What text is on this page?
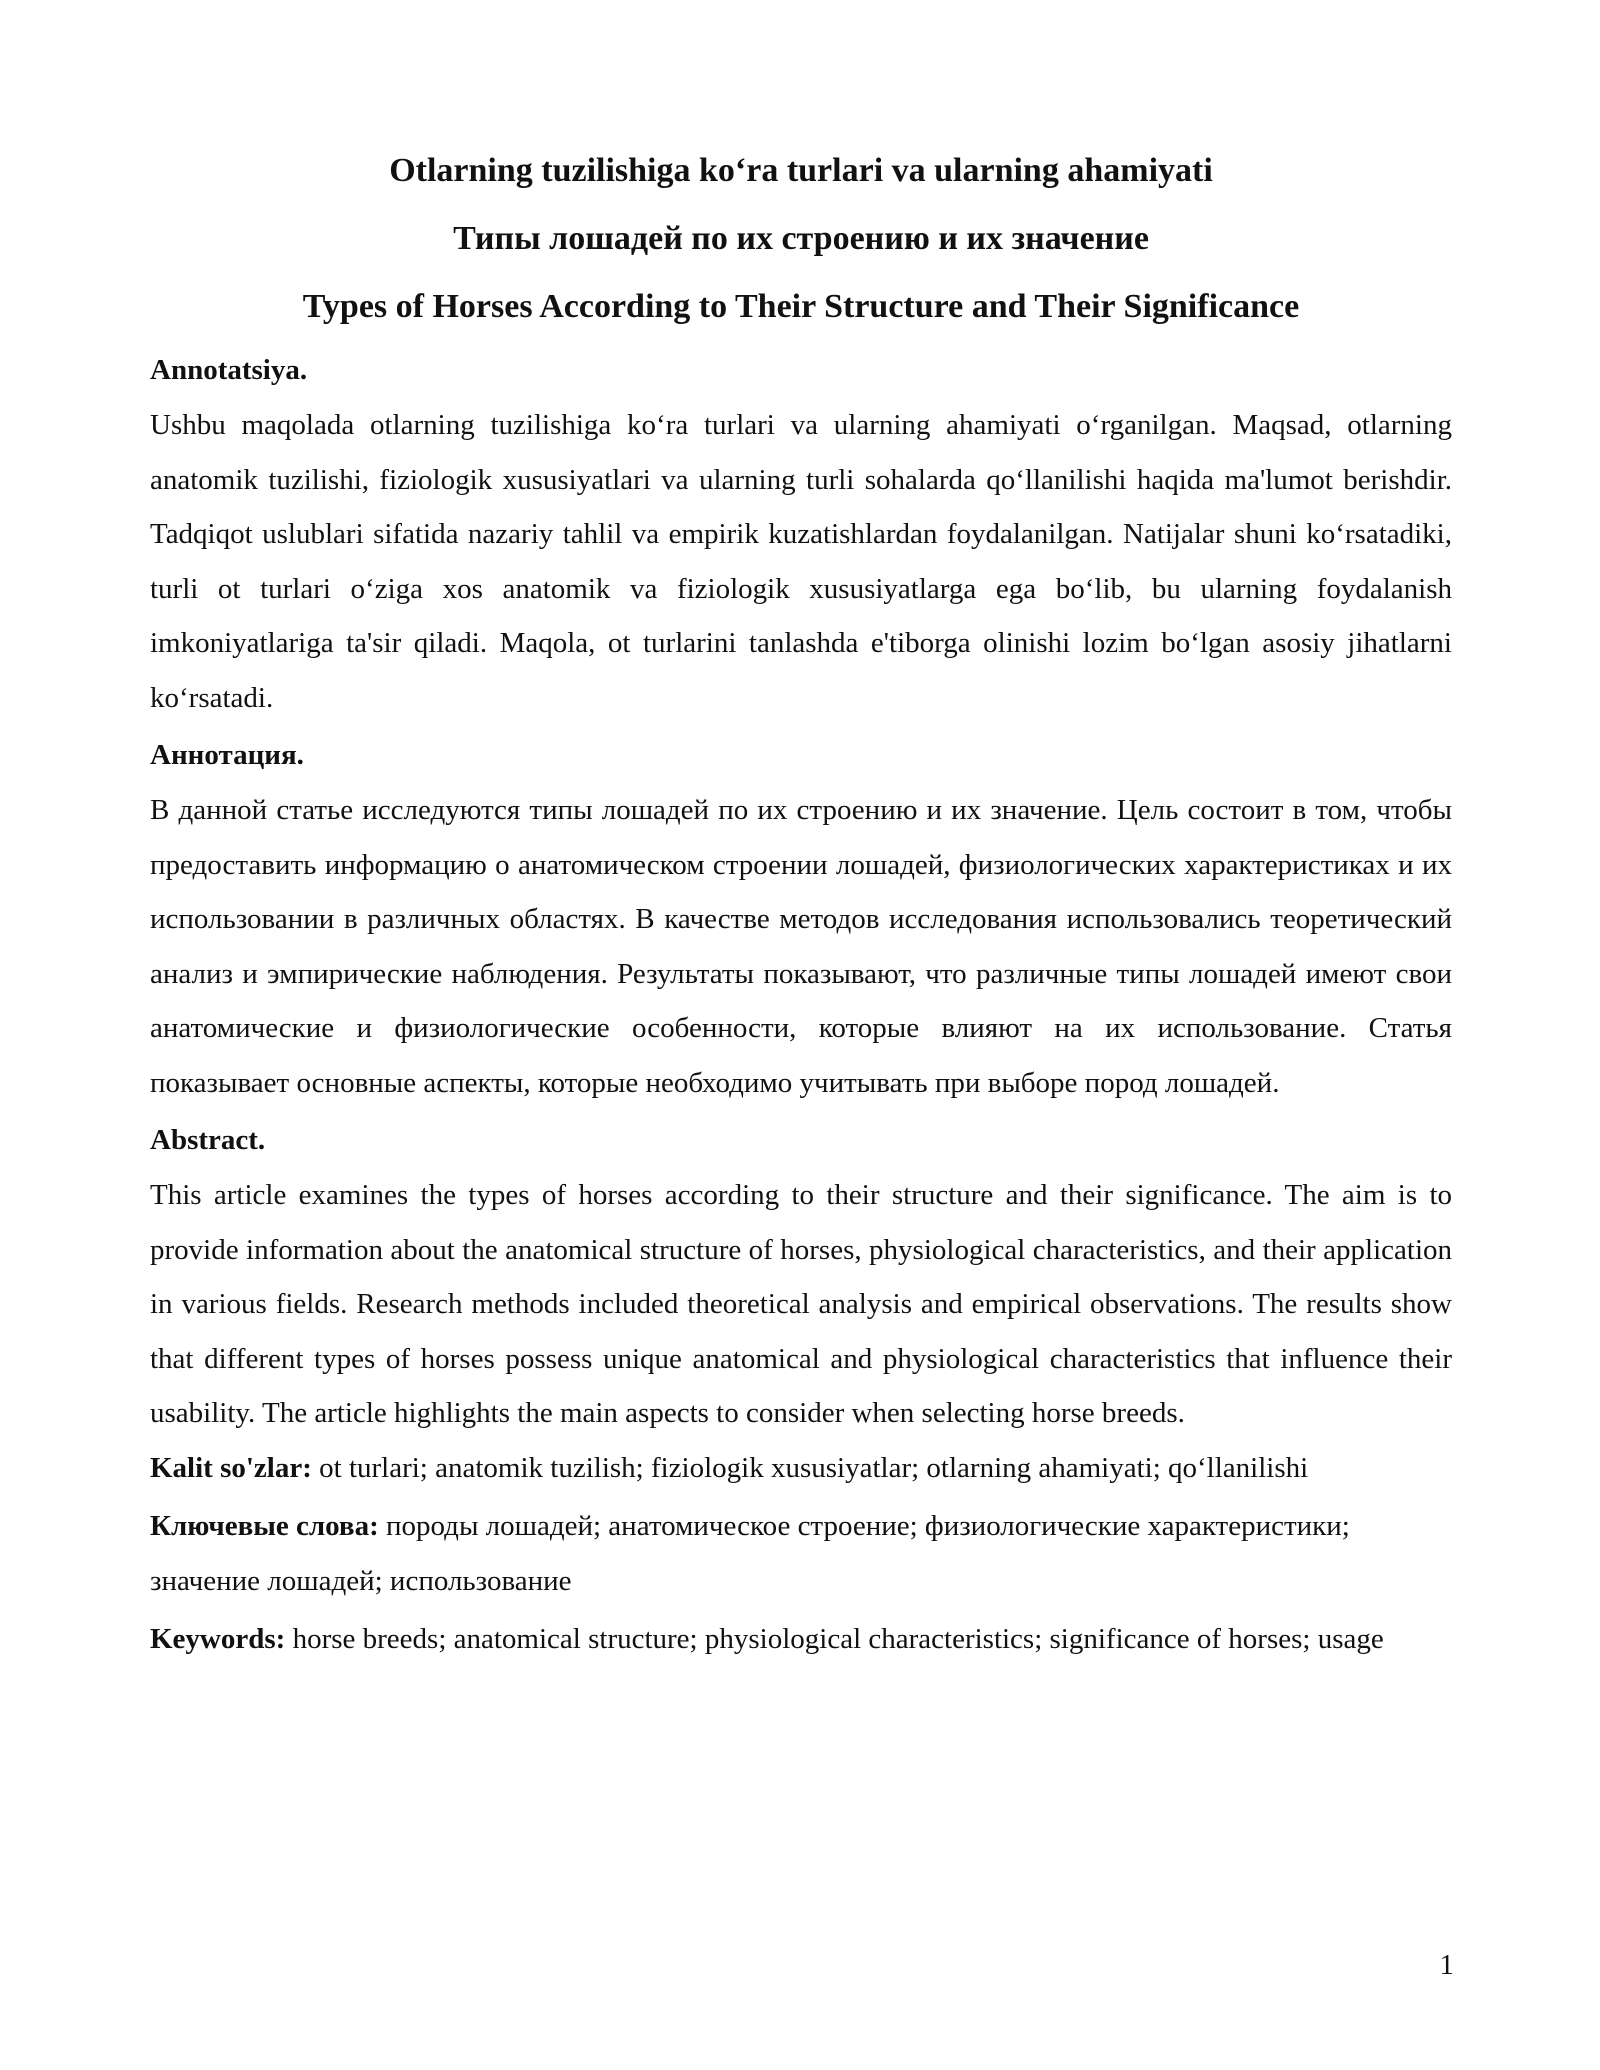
Otlarning tuzilishiga ko‘ra turlari va ularning ahamiyati
Типы лошадей по их строению и их значение
Types of Horses According to Their Structure and Their Significance
Annotatsiya.
Ushbu maqolada otlarning tuzilishiga ko‘ra turlari va ularning ahamiyati o‘rganilgan. Maqsad, otlarning anatomik tuzilishi, fiziologik xususiyatlari va ularning turli sohalarda qo‘llanilishi haqida ma'lumot berishdir. Tadqiqot uslublari sifatida nazariy tahlil va empirik kuzatishlardan foydalanilgan. Natijalar shuni ko‘rsatadiki, turli ot turlari o‘ziga xos anatomik va fiziologik xususiyatlarga ega bo‘lib, bu ularning foydalanish imkoniyatlariga ta'sir qiladi. Maqola, ot turlarini tanlashda e'tiborga olinishi lozim bo‘lgan asosiy jihatlarni ko‘rsatadi.
Аннотация.
В данной статье исследуются типы лошадей по их строению и их значение. Цель состоит в том, чтобы предоставить информацию о анатомическом строении лошадей, физиологических характеристиках и их использовании в различных областях. В качестве методов исследования использовались теоретический анализ и эмпирические наблюдения. Результаты показывают, что различные типы лошадей имеют свои анатомические и физиологические особенности, которые влияют на их использование. Статья показывает основные аспекты, которые необходимо учитывать при выборе пород лошадей.
Abstract.
This article examines the types of horses according to their structure and their significance. The aim is to provide information about the anatomical structure of horses, physiological characteristics, and their application in various fields. Research methods included theoretical analysis and empirical observations. The results show that different types of horses possess unique anatomical and physiological characteristics that influence their usability. The article highlights the main aspects to consider when selecting horse breeds.
Kalit so'zlar: ot turlari; anatomik tuzilish; fiziologik xususiyatlar; otlarning ahamiyati; qo‘llanilishi
Ключевые слова: породы лошадей; анатомическое строение; физиологические характеристики; значение лошадей; использование
Keywords: horse breeds; anatomical structure; physiological characteristics; significance of horses; usage
1
